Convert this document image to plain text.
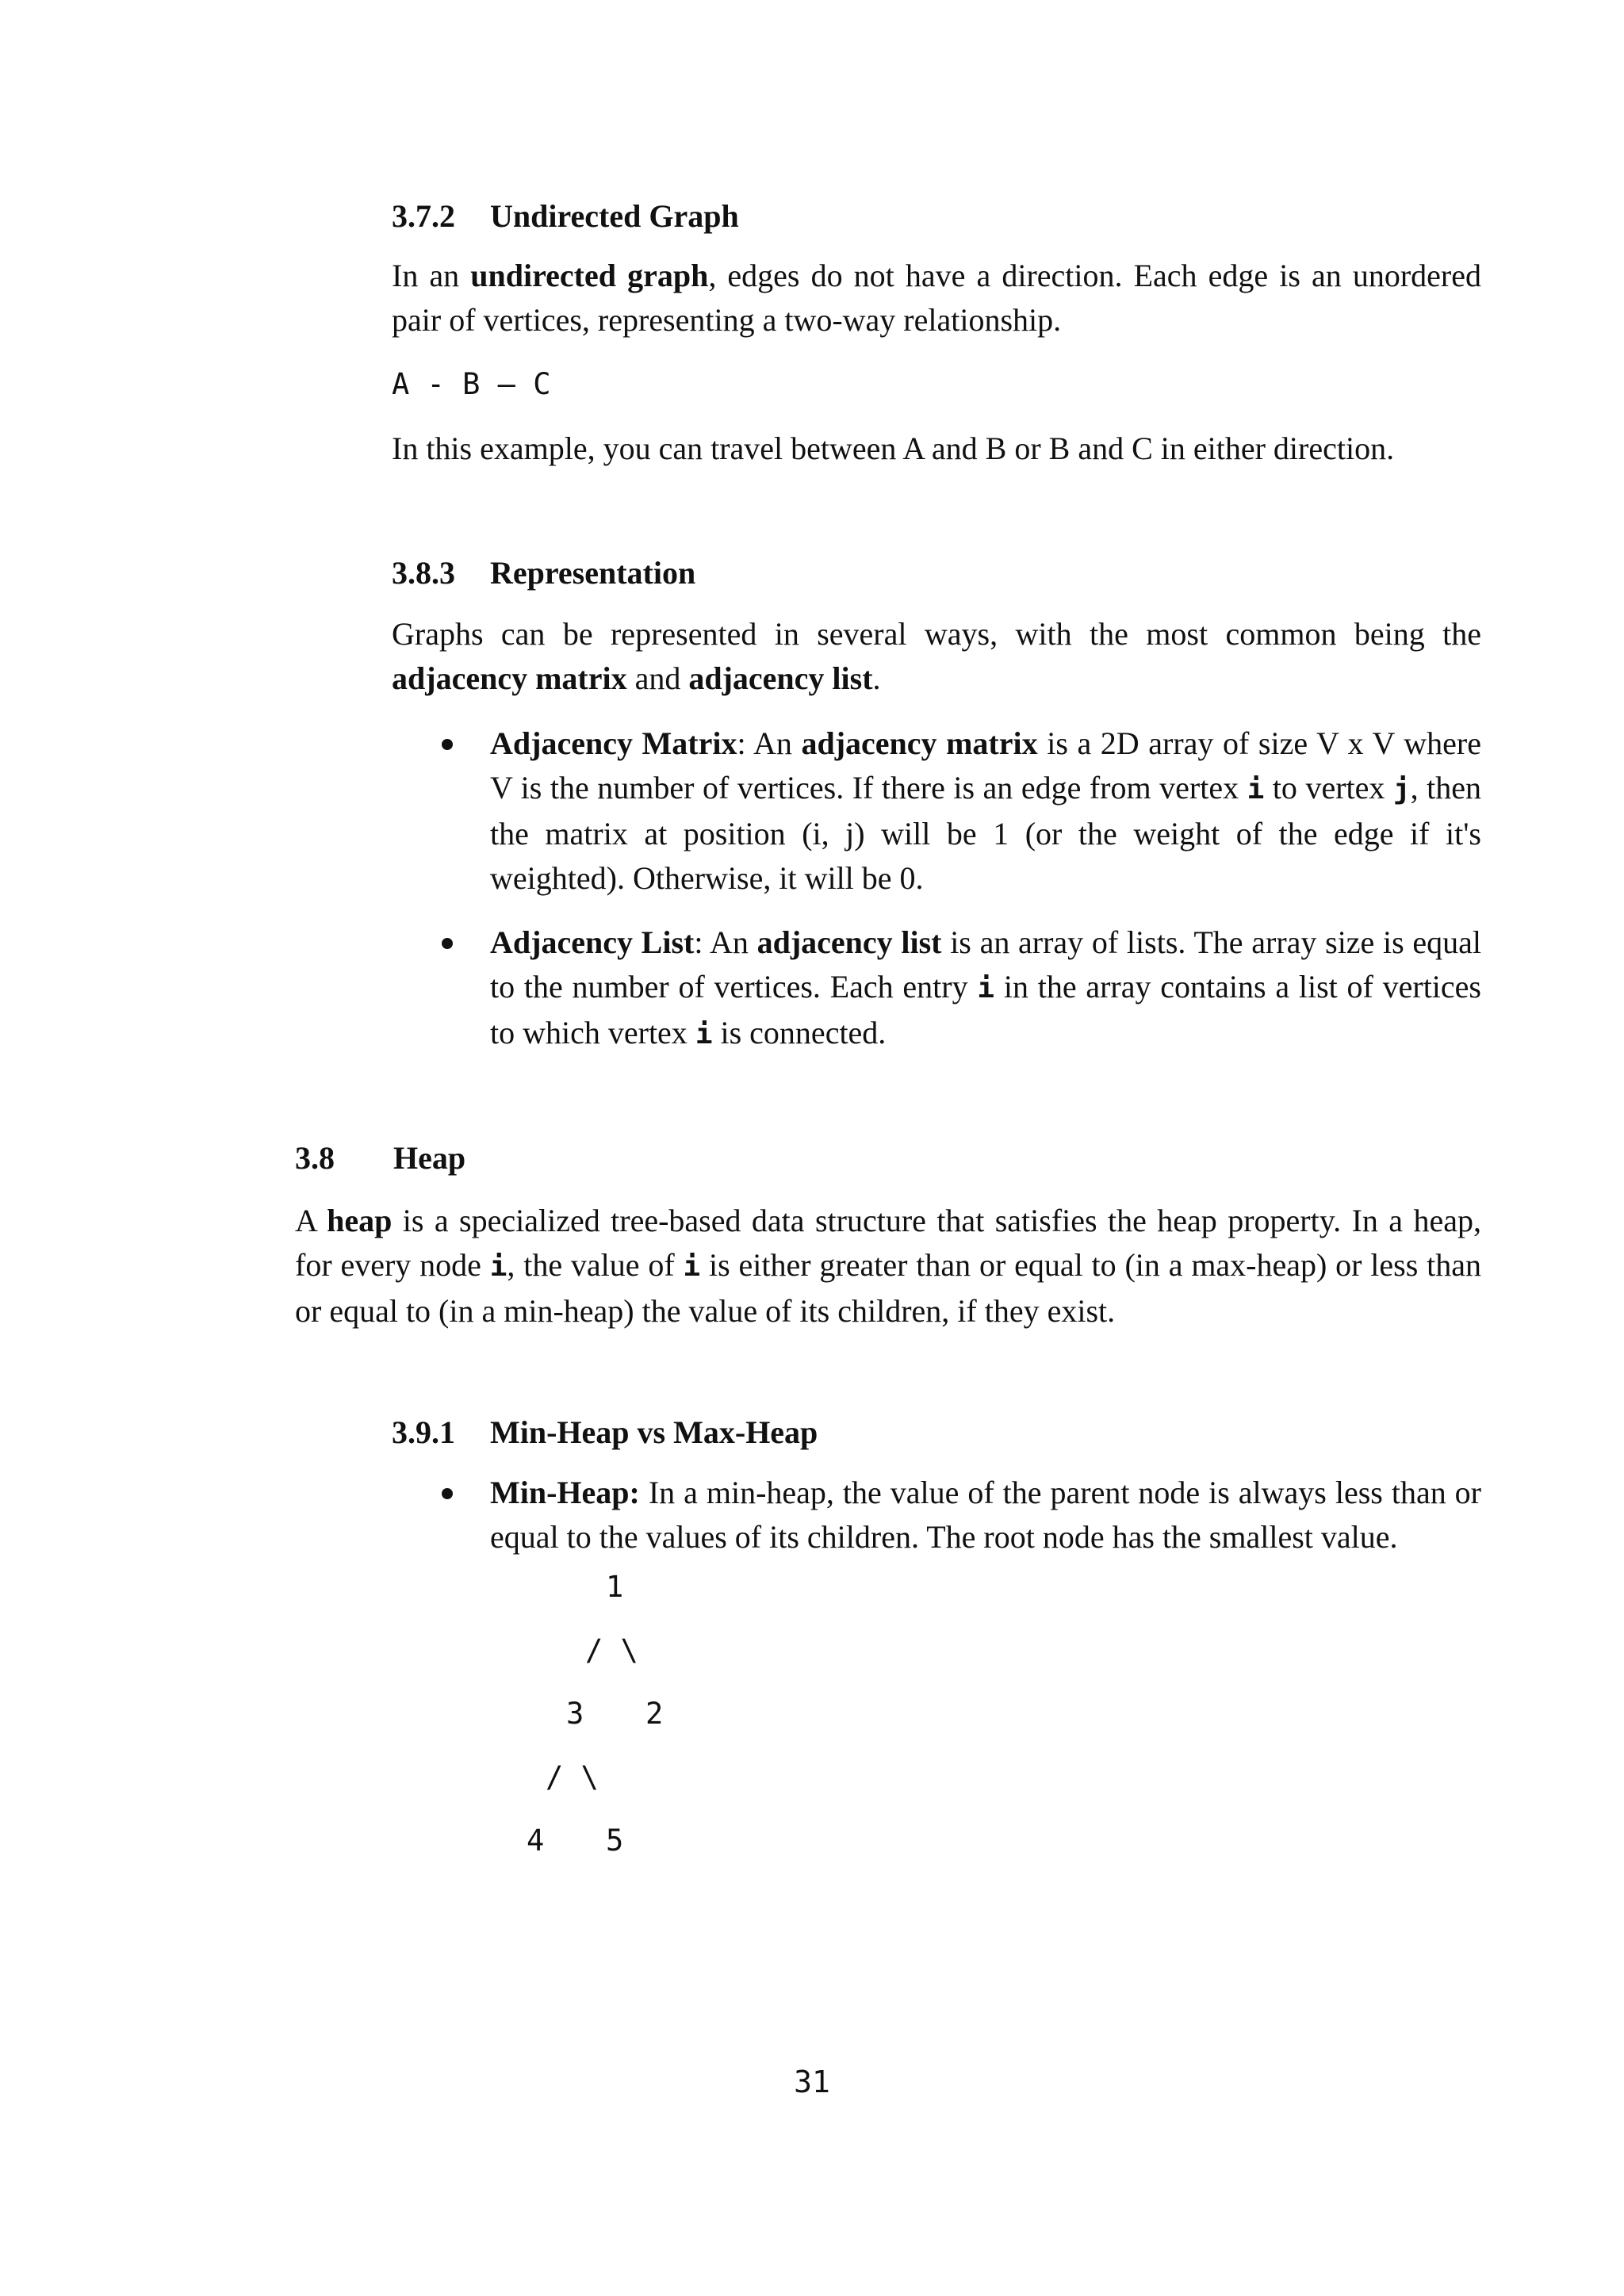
3.7.2 Undirected Graph

In an undirected graph, edges do not have a direction. Each edge is an unordered pair of vertices, representing a two-way relationship.

A - B – C

In this example, you can travel between A and B or B and C in either direction.

3.8.3 Representation

Graphs can be represented in several ways, with the most common being the adjacency matrix and adjacency list.

Adjacency Matrix: An adjacency matrix is a 2D array of size V x V where V is the number of vertices. If there is an edge from vertex i to vertex j, then the matrix at position (i, j) will be 1 (or the weight of the edge if it's weighted). Otherwise, it will be 0.

Adjacency List: An adjacency list is an array of lists. The array size is equal to the number of vertices. Each entry i in the array contains a list of vertices to which vertex i is connected.

3.8 Heap

A heap is a specialized tree-based data structure that satisfies the heap property. In a heap, for every node i, the value of i is either greater than or equal to (in a max-heap) or less than or equal to (in a min-heap) the value of its children, if they exist.

3.9.1 Min-Heap vs Max-Heap

Min-Heap: In a min-heap, the value of the parent node is always less than or equal to the values of its children. The root node has the smallest value.

1
/ \
3 2
/ \
4 5
31
